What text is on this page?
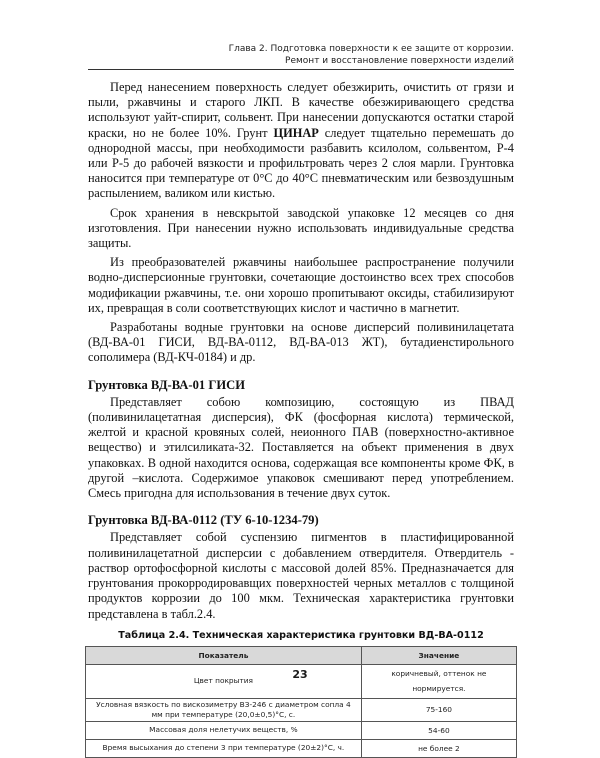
Глава 2. Подготовка поверхности к ее защите от коррозии.
Ремонт и восстановление поверхности изделий

Перед нанесением поверхность следует обезжирить, очистить от грязи и пыли, ржавчины и старого ЛКП. В качестве обезжиривающего средства используют уайт-спирит, сольвент. При нанесении допускаются остатки старой краски, но не более 10%. Грунт ЦИНАР следует тщательно перемешать до однородной массы, при необходимости разбавить ксилолом, сольвентом, Р-4 или Р-5 до рабочей вязкости и профильтровать через 2 слоя марли. Грунтовка наносится при температуре от 0°С до 40°С пневматическим или безвоздушным распылением, валиком или кистью.

Срок хранения в невскрытой заводской упаковке 12 месяцев со дня изготовления. При нанесении нужно использовать индивидуальные средства защиты.

Из преобразователей ржавчины наибольшее распространение получили водно-дисперсионные грунтовки, сочетающие достоинство всех трех способов модификации ржавчины, т.е. они хорошо пропитывают оксиды, стабилизируют их, превращая в соли соответствующих кислот и частично в магнетит.

Разработаны водные грунтовки на основе дисперсий поливинилацетата (ВД-ВА-01 ГИСИ, ВД-ВА-0112, ВД-ВА-013 ЖТ), бутадиенстирольного сополимера (ВД-КЧ-0184) и др.

Грунтовка ВД-ВА-01 ГИСИ

Представляет собою композицию, состоящую из ПВАД (поливинилацетатная дисперсия), ФК (фосфорная кислота) термической, желтой и красной кровяных солей, неионного ПАВ (поверхностно-активное вещество) и этилсиликата-32. Поставляется на объект применения в двух упаковках. В одной находится основа, содержащая все компоненты кроме ФК, в другой –кислота. Содержимое упаковок смешивают перед употреблением. Смесь пригодна для использования в течение двух суток.

Грунтовка ВД-ВА-0112 (ТУ 6-10-1234-79)

Представляет собой суспензию пигментов в пластифицированной поливинилацетатной дисперсии с добавлением отвердителя. Отвердитель - раствор ортофосфорной кислоты с массовой долей 85%. Предназначается для грунтования прокорродировавщих поверхностей черных металлов с толщиной продуктов коррозии до 100 мкм. Техническая характеристика грунтовки представлена в табл.2.4.

Таблица 2.4. Техническая характеристика грунтовки ВД-ВА-0112
Показатель	Значение
Цвет покрытия	коричневый, оттенок не нормируется.
Условная вязкость по вискозиметру ВЗ-246 с диаметром сопла 4 мм при температуре (20,0±0,5)°С, с.	75-160
Массовая доля нелетучих веществ, %	54-60
Время высыхания до степени 3 при температуре (20±2)°С, ч.	не более 2
23
